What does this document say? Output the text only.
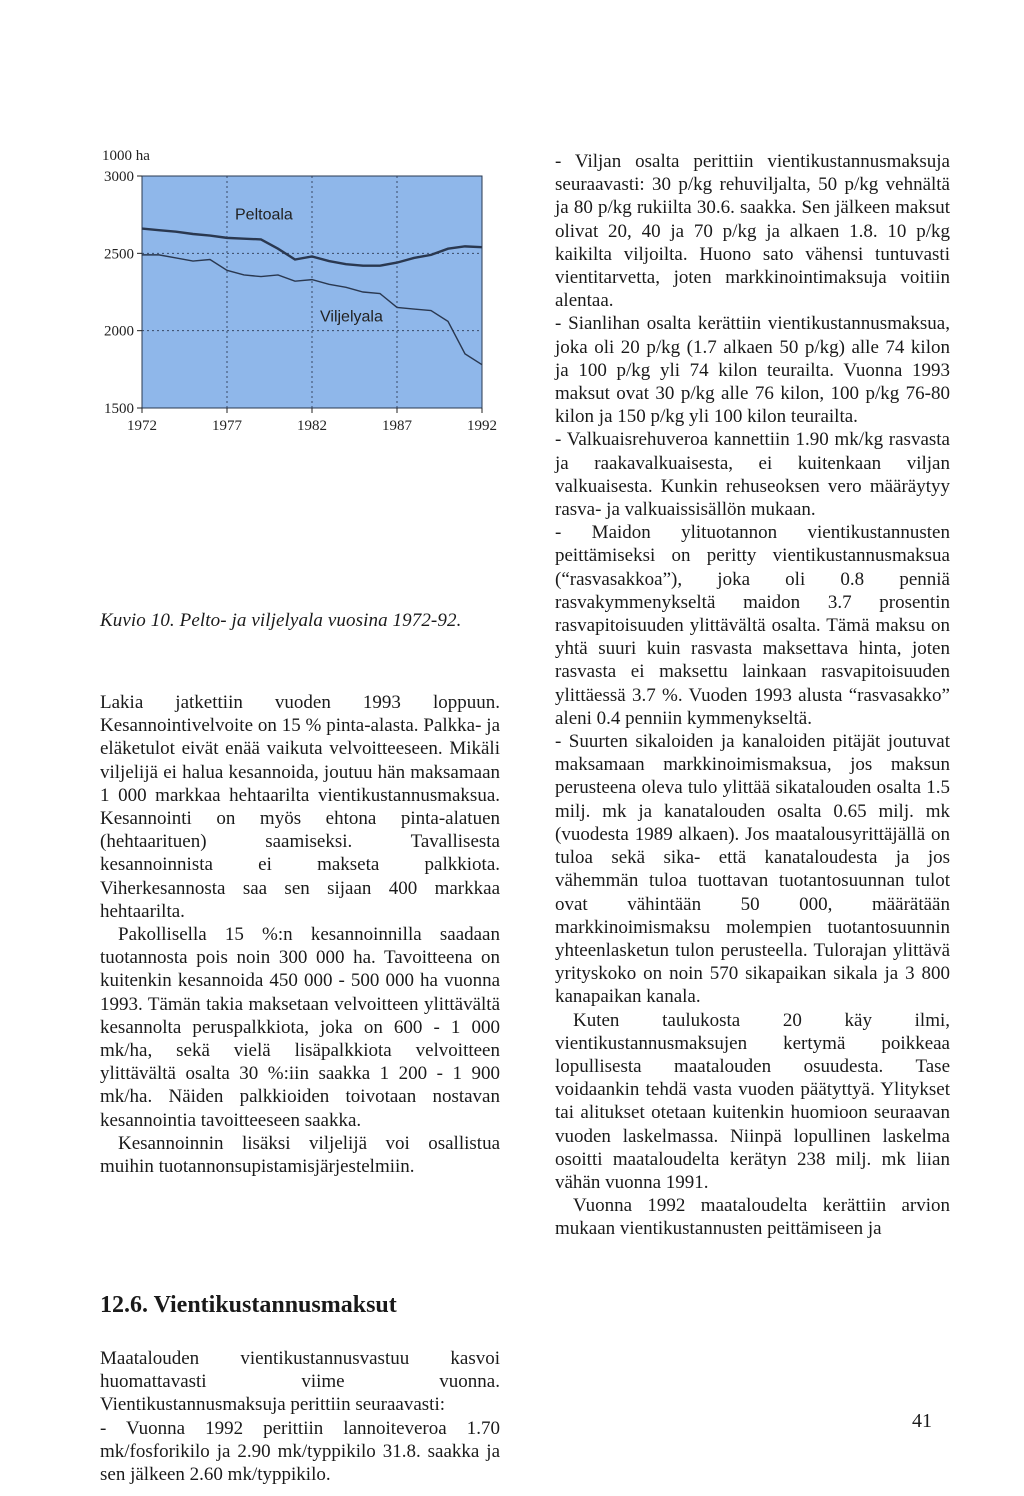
1000 ha
Peltoala
Viljelyala
3000
2500
2000
1500
1972	1977	1982	1987	1992
Kuvio 10. Pelto- ja viljelyala vuosina 1972-92.

Lakia jatkettiin vuoden 1993 loppuun. Kesannointivelvoite on 15 % pinta-alasta. Palkka- ja eläketulot eivät enää vaikuta velvoitteeseen. Mikäli viljelijä ei halua kesannoida, joutuu hän maksamaan 1 000 markkaa hehtaarilta vientikustannusmaksua. Kesannointi on myös ehtona pinta-alatuen (hehtaarituen) saamiseksi. Tavallisesta kesannoinnista ei makseta palkkiota. Viherkesannosta saa sen sijaan 400 markkaa hehtaarilta.

Pakollisella 15 %:n kesannoinnilla saadaan tuotannosta pois noin 300 000 ha. Tavoitteena on kuitenkin kesannoida 450 000 - 500 000 ha vuonna 1993. Tämän takia maksetaan velvoitteen ylittävältä kesannolta peruspalkkiota, joka on 600 - 1 000 mk/ha, sekä vielä lisäpalkkiota velvoitteen ylittävältä osalta 30 %:iin saakka 1 200 - 1 900 mk/ha. Näiden palkkioiden toivotaan nostavan kesannointia tavoitteeseen saakka.

Kesannoinnin lisäksi viljelijä voi osallistua muihin tuotannonsupistamisjärjestelmiin.

12.6. Vientikustannusmaksut

Maatalouden vientikustannusvastuu kasvoi huomattavasti viime vuonna. Vientikustannusmaksuja perittiin seuraavasti:

- Vuonna 1992 perittiin lannoiteveroa 1.70 mk/fosforikilo ja 2.90 mk/typpikilo 31.8. saakka ja sen jälkeen 2.60 mk/typpikilo.

- Viljan osalta perittiin vientikustannusmaksuja seuraavasti: 30 p/kg rehuviljalta, 50 p/kg vehnältä ja 80 p/kg rukiilta 30.6. saakka. Sen jälkeen maksut olivat 20, 40 ja 70 p/kg ja alkaen 1.8. 10 p/kg kaikilta viljoilta. Huono sato vähensi tuntuvasti vientitarvetta, joten markkinointimaksuja voitiin alentaa.

- Sianlihan osalta kerättiin vientikustannusmaksua, joka oli 20 p/kg (1.7 alkaen 50 p/kg) alle 74 kilon ja 100 p/kg yli 74 kilon teurailta. Vuonna 1993 maksut ovat 30 p/kg alle 76 kilon, 100 p/kg 76-80 kilon ja 150 p/kg yli 100 kilon teurailta.

- Valkuaisrehuveroa kannettiin 1.90 mk/kg rasvasta ja raakavalkuaisesta, ei kuitenkaan viljan valkuaisesta. Kunkin rehuseoksen vero määräytyy rasva- ja valkuaissisällön mukaan.

- Maidon ylituotannon vientikustannusten peittämiseksi on peritty vientikustannusmaksua (“rasvasakkoa”), joka oli 0.8 penniä rasvakymmenykseltä maidon 3.7 prosentin rasvapitoisuuden ylittävältä osalta. Tämä maksu on yhtä suuri kuin rasvasta maksettava hinta, joten rasvasta ei maksettu lainkaan rasvapitoisuuden ylittäessä 3.7 %. Vuoden 1993 alusta “rasvasakko” aleni 0.4 penniin kymmenykseltä.

- Suurten sikaloiden ja kanaloiden pitäjät joutuvat maksamaan markkinoimismaksua, jos maksun perusteena oleva tulo ylittää sikatalouden osalta 1.5 milj. mk ja kanatalouden osalta 0.65 milj. mk (vuodesta 1989 alkaen). Jos maatalousyrittäjällä on tuloa sekä sika- että kanataloudesta ja jos vähemmän tuloa tuottavan tuotantosuunnan tulot ovat vähintään 50 000, määrätään markkinoimismaksu molempien tuotantosuunnin yhteenlasketun tulon perusteella. Tulorajan ylittävä yrityskoko on noin 570 sikapaikan sikala ja 3 800 kanapaikan kanala.

Kuten taulukosta 20 käy ilmi, vientikustannusmaksujen kertymä poikkeaa lopullisesta maatalouden osuudesta. Tase voidaankin tehdä vasta vuoden päätyttyä. Ylitykset tai alitukset otetaan kuitenkin huomioon seuraavan vuoden laskelmassa. Niinpä lopullinen laskelma osoitti maataloudelta kerätyn 238 milj. mk liian vähän vuonna 1991.

Vuonna 1992 maataloudelta kerättiin arvion mukaan vientikustannusten peittämiseen ja

41
